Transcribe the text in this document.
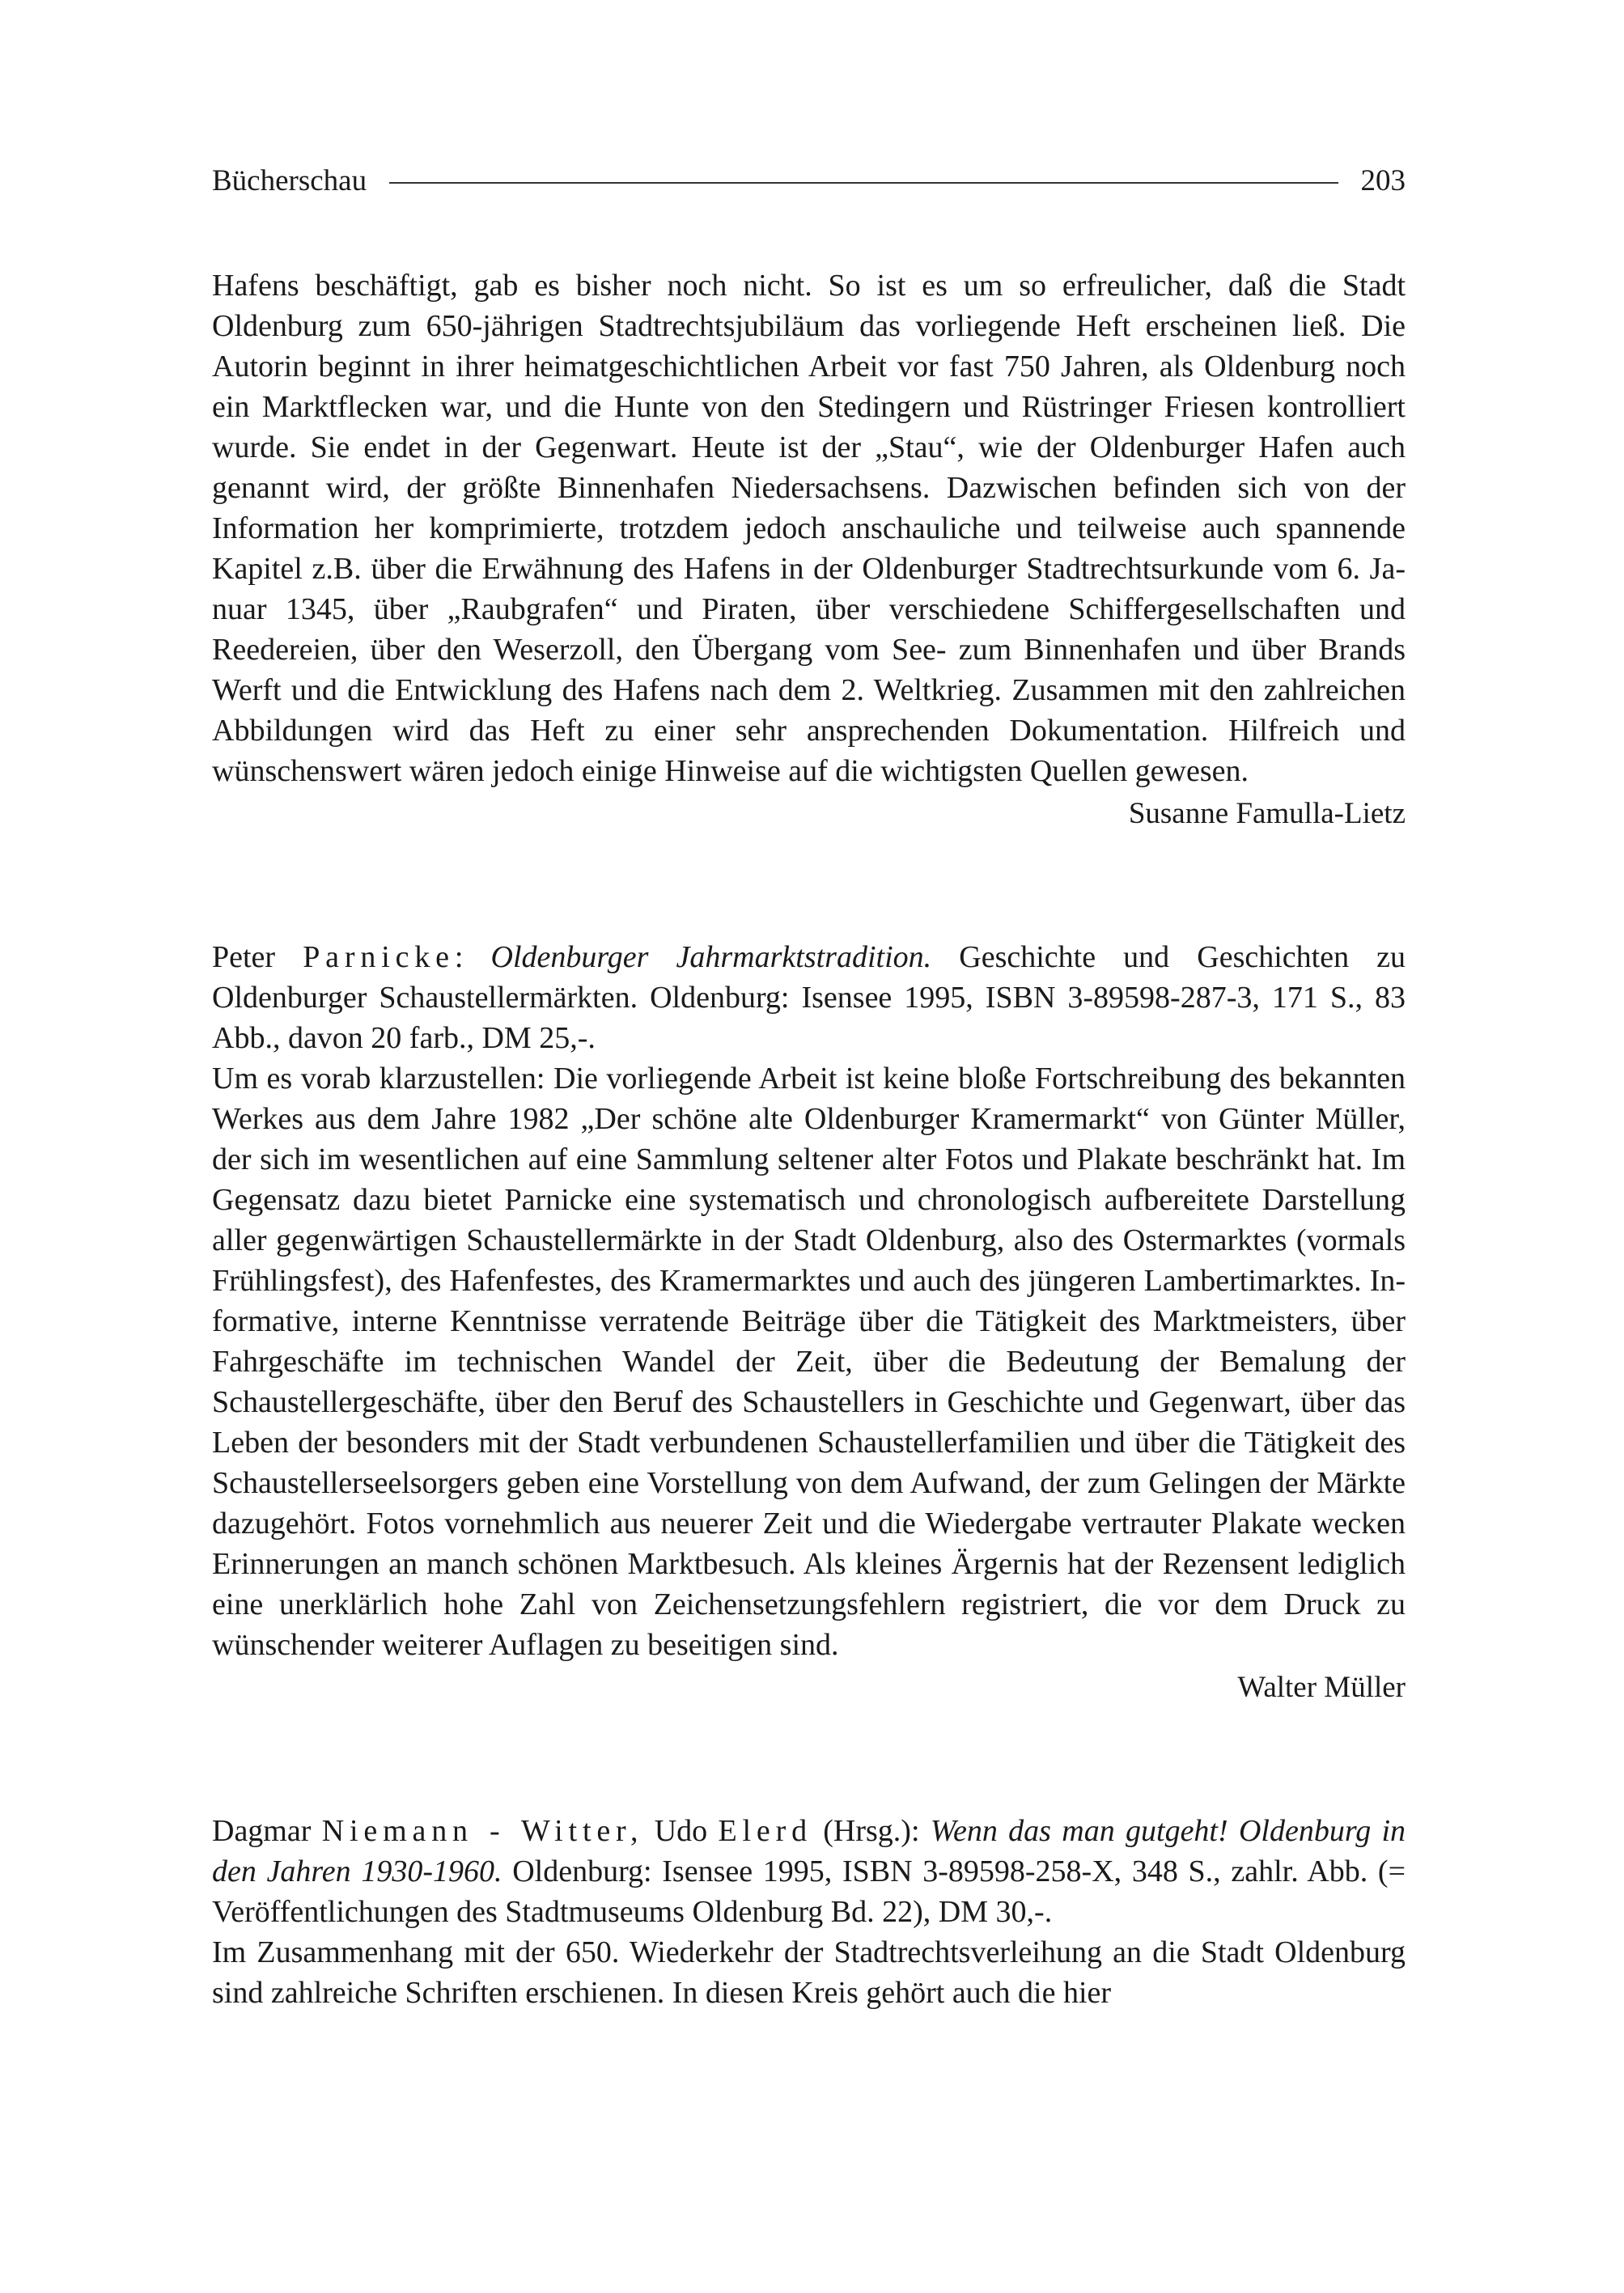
Bücherschau	203

Hafens beschäftigt, gab es bisher noch nicht. So ist es um so erfreulicher, daß die Stadt Oldenburg zum 650-jährigen Stadtrechtsjubiläum das vorliegende Heft erscheinen ließ. Die Autorin beginnt in ihrer heimatgeschichtlichen Arbeit vor fast 750 Jahren, als Oldenburg noch ein Marktflecken war, und die Hunte von den Stedingern und Rüstringer Friesen kontrolliert wurde. Sie endet in der Gegenwart. Heute ist der „Stau“, wie der Oldenburger Hafen auch genannt wird, der größte Binnenhafen Niedersachsens. Dazwischen befinden sich von der Information her komprimierte, trotzdem jedoch anschauliche und teilweise auch spannende Kapitel z.B. über die Erwähnung des Hafens in der Oldenburger Stadtrechtsurkunde vom 6. Januar 1345, über „Raubgrafen“ und Piraten, über verschiedene Schiffergesellschaften und Reedereien, über den Weserzoll, den Übergang vom See- zum Binnenhafen und über Brands Werft und die Entwicklung des Hafens nach dem 2. Weltkrieg. Zusammen mit den zahlreichen Abbildungen wird das Heft zu einer sehr ansprechenden Dokumentation. Hilfreich und wünschenswert wären jedoch einige Hinweise auf die wichtigsten Quellen gewesen.

Susanne Famulla-Lietz

Peter Parnicke: Oldenburger Jahrmarktstradition. Geschichte und Geschichten zu Oldenburger Schaustellermärkten. Oldenburg: Isensee 1995, ISBN 3-89598-287-3, 171 S., 83 Abb., davon 20 farb., DM 25,-.

Um es vorab klarzustellen: Die vorliegende Arbeit ist keine bloße Fortschreibung des bekannten Werkes aus dem Jahre 1982 „Der schöne alte Oldenburger Kramermarkt“ von Günter Müller, der sich im wesentlichen auf eine Sammlung seltener alter Fotos und Plakate beschränkt hat. Im Gegensatz dazu bietet Parnicke eine systematisch und chronologisch aufbereitete Darstellung aller gegenwärtigen Schaustellermärkte in der Stadt Oldenburg, also des Ostermarktes (vormals Frühlingsfest), des Hafenfestes, des Kramermarktes und auch des jüngeren Lambertimarktes. Informative, interne Kenntnisse verratende Beiträge über die Tätigkeit des Marktmeisters, über Fahrgeschäfte im technischen Wandel der Zeit, über die Bedeutung der Bemalung der Schaustellergeschäfte, über den Beruf des Schaustellers in Geschichte und Gegenwart, über das Leben der besonders mit der Stadt verbundenen Schaustellerfamilien und über die Tätigkeit des Schaustellerseelsorgers geben eine Vorstellung von dem Aufwand, der zum Gelingen der Märkte dazugehört. Fotos vornehmlich aus neuerer Zeit und die Wiedergabe vertrauter Plakate wecken Erinnerungen an manch schönen Marktbesuch. Als kleines Ärgernis hat der Rezensent lediglich eine unerklärlich hohe Zahl von Zeichensetzungsfehlern registriert, die vor dem Druck zu wünschender weiterer Auflagen zu beseitigen sind.

Walter Müller

Dagmar Niemann - Witter, Udo Elerd (Hrsg.): Wenn das man gutgeht! Oldenburg in den Jahren 1930-1960. Oldenburg: Isensee 1995, ISBN 3-89598-258-X, 348 S., zahlr. Abb. (= Veröffentlichungen des Stadtmuseums Oldenburg Bd. 22), DM 30,-.

Im Zusammenhang mit der 650. Wiederkehr der Stadtrechtsverleihung an die Stadt Oldenburg sind zahlreiche Schriften erschienen. In diesen Kreis gehört auch die hier
